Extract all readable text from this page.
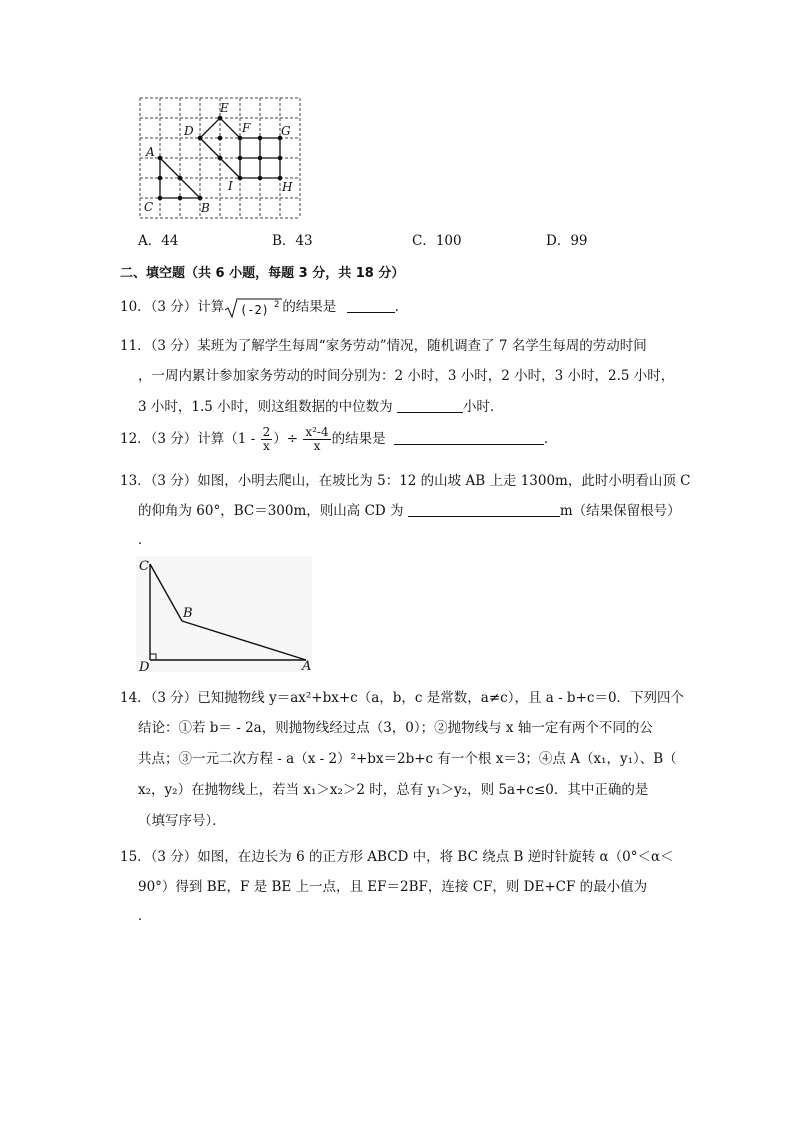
E
D	F	G
A
I	H
C	B
A．44	B．43	C．100	D．99
二、填空题（共 6 小题，每题 3 分，共 18 分）
10．（3 分）计算 (-2) 2 的结果是	．
11．（3 分）某班为了解学生每周“家务劳动”情况，随机调查了 7 名学生每周的劳动时间
，一周内累计参加家务劳动的时间分别为：2 小时，3 小时，2 小时，3 小时，2.5 小时，
3 小时，1.5 小时，则这组数据的中位数为	小时．
12．（3 分）计算（$1 - \frac{2}{x}$ ）÷ $\frac{\text{x²-4}}{x}$ 的结果是	．
13．（3 分）如图，小明去爬山，在坡比为 5：12 的山坡 AB 上走 1300m，此时小明看山顶 C
的仰角为 60°，BC＝300m，则山高 CD 为	m（结果保留根号）
．
C
B
D	A
14．（3 分）已知抛物线 y＝ax²+bx+c（a，b，c 是常数，a≠c），且 a - b+c＝0．下列四个
结论：①若 b＝ - 2a，则抛物线经过点（3，0）；②抛物线与 x 轴一定有两个不同的公
共点；③一元二次方程 - a（x - 2）²+bx＝2b+c 有一个根 x＝3；④点 A（x₁，y₁）、B（
x₂，y₂）在抛物线上，若当 x₁＞x₂＞2 时，总有 y₁＞y₂，则 5a+c≤0．其中正确的是
（填写序号）．
15．（3 分）如图，在边长为 6 的正方形 ABCD 中，将 BC 绕点 B 逆时针旋转 α（0°＜α＜
90°）得到 BE，F 是 BE 上一点，且 EF＝2BF，连接 CF，则 DE+CF 的最小值为
．
